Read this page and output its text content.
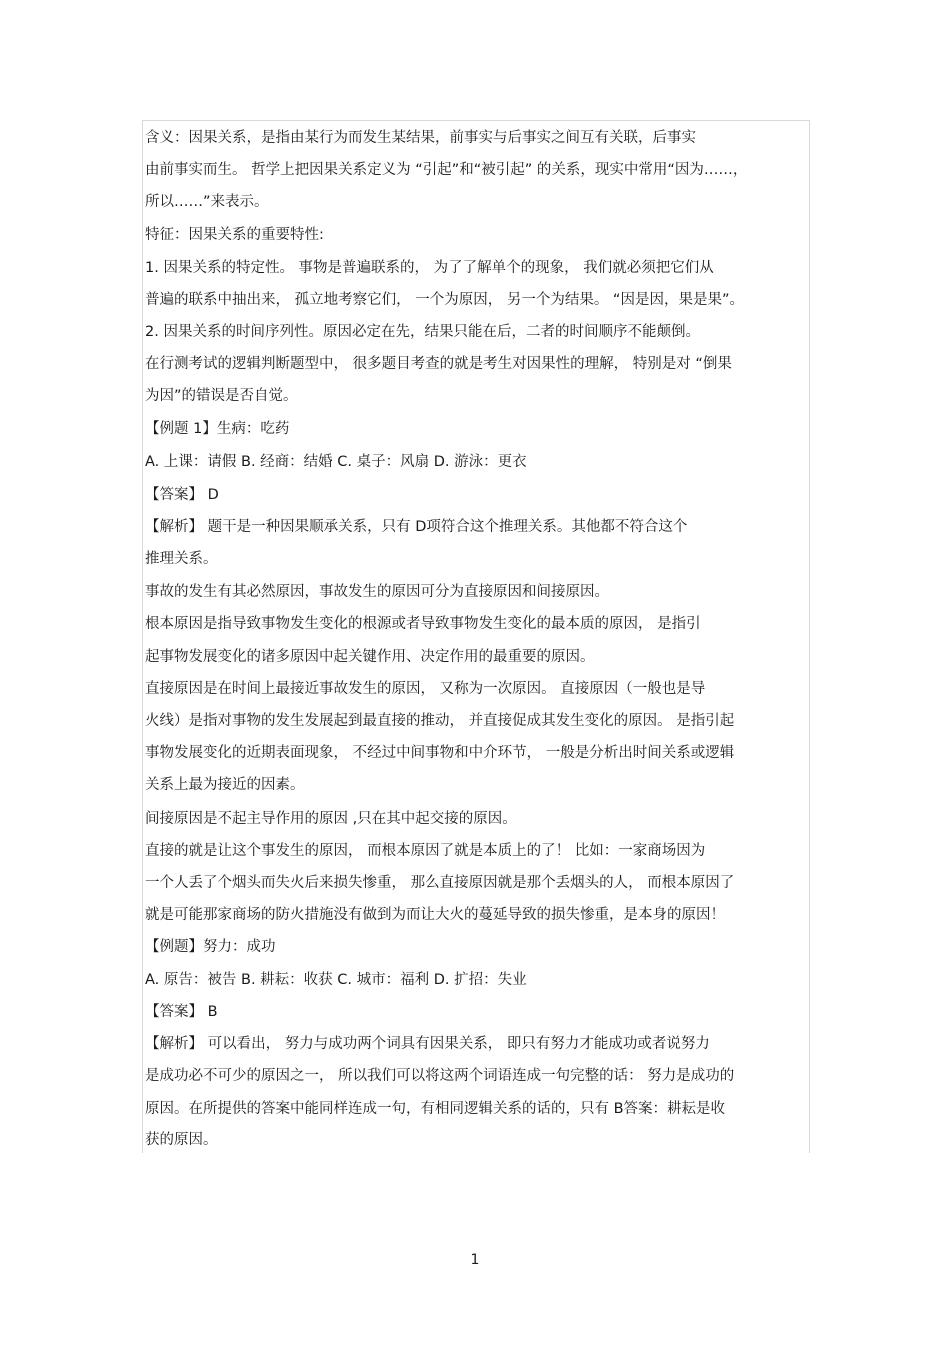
含义：因果关系，是指由某行为而发生某结果，前事实与后事实之间互有关联，后事实
由前事实而生。 哲学上把因果关系定义为 “引起”和“被引起” 的关系，现实中常用“因为……，
所以……”来表示。
特征：因果关系的重要特性:
1. 因果关系的特定性。 事物是普遍联系的， 为了了解单个的现象， 我们就必须把它们从
普遍的联系中抽出来， 孤立地考察它们， 一个为原因， 另一个为结果。 “因是因，果是果”。
2. 因果关系的时间序列性。原因必定在先，结果只能在后，二者的时间顺序不能颠倒。
在行测考试的逻辑判断题型中， 很多题目考查的就是考生对因果性的理解， 特别是对 “倒果
为因”的错误是否自觉。
【例题 1】生病：吃药
A. 上课：请假 B. 经商：结婚 C. 桌子：风扇 D. 游泳：更衣
【答案】 D
【解析】 题干是一种因果顺承关系，只有 D项符合这个推理关系。其他都不符合这个
推理关系。
事故的发生有其必然原因，事故发生的原因可分为直接原因和间接原因。
根本原因是指导致事物发生变化的根源或者导致事物发生变化的最本质的原因， 是指引
起事物发展变化的诸多原因中起关键作用、决定作用的最重要的原因。
直接原因是在时间上最接近事故发生的原因， 又称为一次原因。 直接原因（一般也是导
火线）是指对事物的发生发展起到最直接的推动， 并直接促成其发生变化的原因。 是指引起
事物发展变化的近期表面现象， 不经过中间事物和中介环节， 一般是分析出时间关系或逻辑
关系上最为接近的因素。
间接原因是不起主导作用的原因 ,只在其中起交接的原因。
直接的就是让这个事发生的原因， 而根本原因了就是本质上的了！ 比如：一家商场因为
一个人丢了个烟头而失火后来损失惨重， 那么直接原因就是那个丢烟头的人， 而根本原因了
就是可能那家商场的防火措施没有做到为而让大火的蔓延导致的损失惨重，是本身的原因！
【例题】努力：成功
A. 原告：被告 B. 耕耘：收获 C. 城市：福利 D. 扩招：失业
【答案】 B
【解析】 可以看出， 努力与成功两个词具有因果关系， 即只有努力才能成功或者说努力
是成功必不可少的原因之一， 所以我们可以将这两个词语连成一句完整的话： 努力是成功的
原因。在所提供的答案中能同样连成一句，有相同逻辑关系的话的，只有 B答案：耕耘是收
获的原因。
1
